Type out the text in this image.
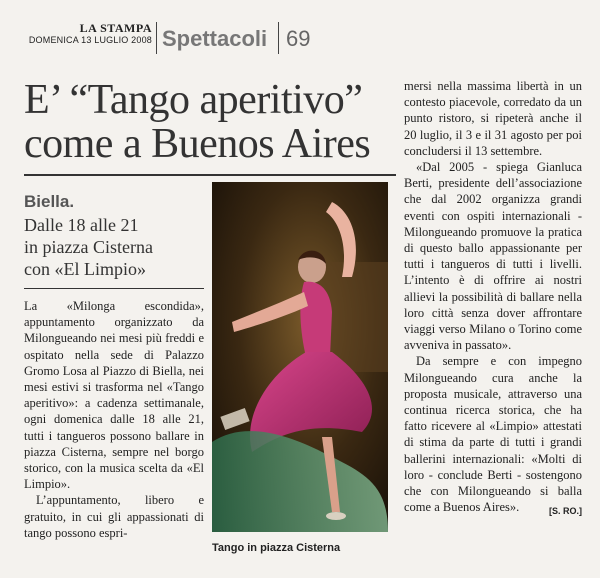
LA STAMPA
DOMENICA 13 LUGLIO 2008 Spettacoli 69
E’ “Tango aperitivo”
come a Buenos Aires
Biella.
Dalle 18 alle 21
in piazza Cisterna
con «El Limpio»

La «Milonga escondida», appuntamento organizzato da Milongueando nei mesi più freddi e ospitato nella sede di Palazzo Gromo Losa al Piazzo di Biella, nei mesi estivi si trasforma nel «Tango aperitivo»: a cadenza settimanale, ogni domenica dalle 18 alle 21, tutti i tangueros possono ballare in piazza Cisterna, sempre nel borgo storico, con la musica scelta da «El Limpio».

L’appuntamento, libero e gratuito, in cui gli appassionati di tango possono espri-

Tango in piazza Cisterna

mersi nella massima libertà in un contesto piacevole, corredato da un punto ristoro, si ripeterà anche il 20 luglio, il 3 e il 31 agosto per poi concludersi il 13 settembre.

«Dal 2005 - spiega Gianluca Berti, presidente dell’associazione che dal 2002 organizza grandi eventi con ospiti internazionali - Milongueando promuove la pratica di questo ballo appassionante per tutti i tangueros di tutti i livelli. L’intento è di offrire ai nostri allievi la possibilità di ballare nella loro città senza dover affrontare viaggi verso Milano o Torino come avveniva in passato».

Da sempre e con impegno Milongueando cura anche la proposta musicale, attraverso una continua ricerca storica, che ha fatto ricevere al «Limpio» attestati di stima da parte di tutti i grandi ballerini internazionali: «Molti di loro - conclude Berti - sostengono che con Milongueando si balla come a Buenos Aires».	[S. RO.]
